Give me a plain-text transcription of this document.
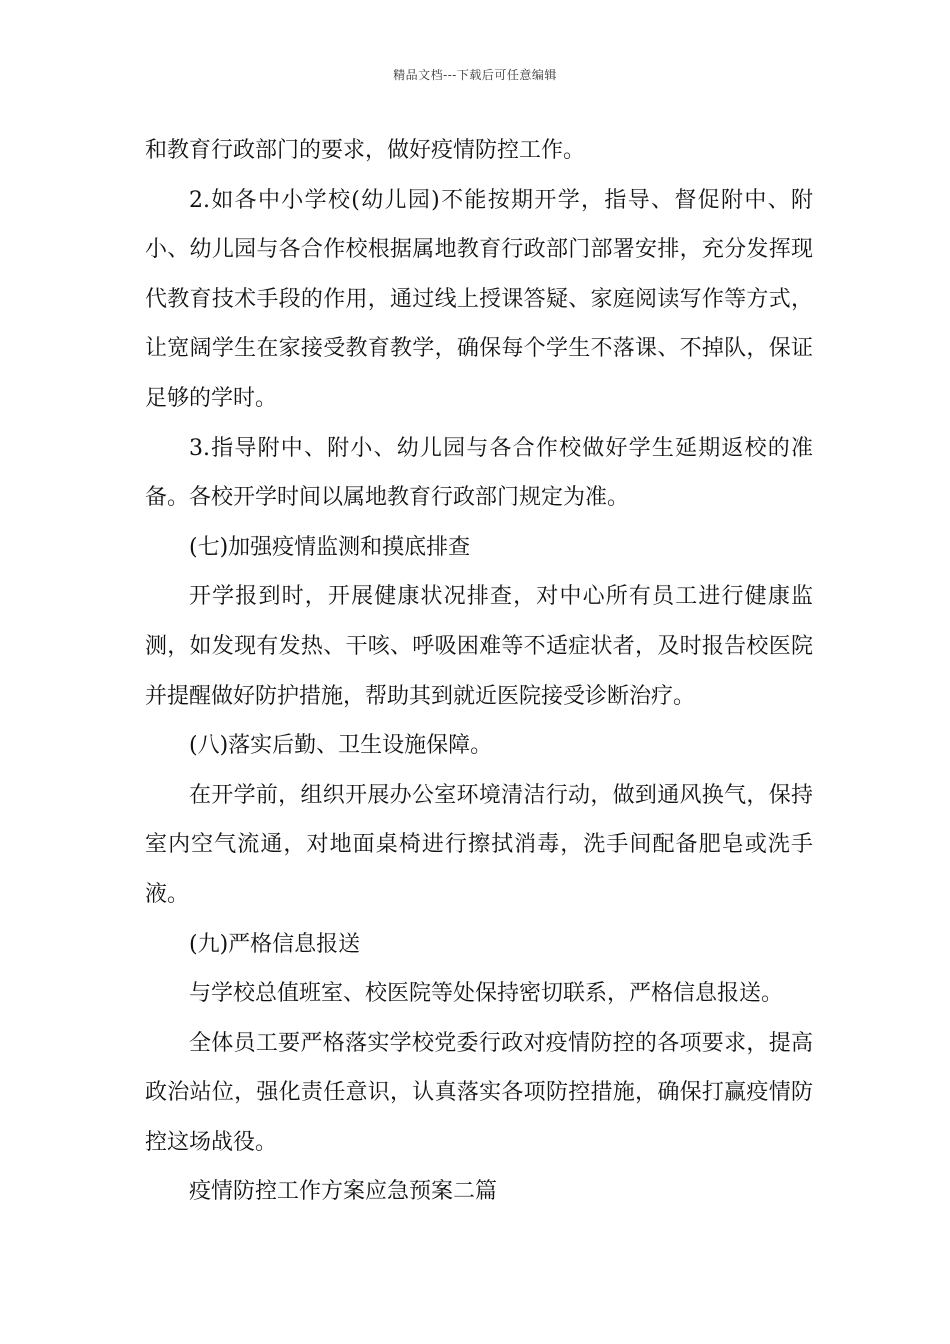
精品文档---下载后可任意编辑

和教育行政部门的要求，做好疫情防控工作。

2.如各中小学校(幼儿园)不能按期开学，指导、督促附中、附小、幼儿园与各合作校根据属地教育行政部门部署安排，充分发挥现代教育技术手段的作用，通过线上授课答疑、家庭阅读写作等方式，让宽阔学生在家接受教育教学，确保每个学生不落课、不掉队，保证足够的学时。

3.指导附中、附小、幼儿园与各合作校做好学生延期返校的准备。各校开学时间以属地教育行政部门规定为准。

(七)加强疫情监测和摸底排查

开学报到时，开展健康状况排查，对中心所有员工进行健康监测，如发现有发热、干咳、呼吸困难等不适症状者，及时报告校医院并提醒做好防护措施，帮助其到就近医院接受诊断治疗。

(八)落实后勤、卫生设施保障。

在开学前，组织开展办公室环境清洁行动，做到通风换气，保持室内空气流通，对地面桌椅进行擦拭消毒，洗手间配备肥皂或洗手液。

(九)严格信息报送

与学校总值班室、校医院等处保持密切联系，严格信息报送。

全体员工要严格落实学校党委行政对疫情防控的各项要求，提高政治站位，强化责任意识，认真落实各项防控措施，确保打赢疫情防控这场战役。

疫情防控工作方案应急预案二篇
